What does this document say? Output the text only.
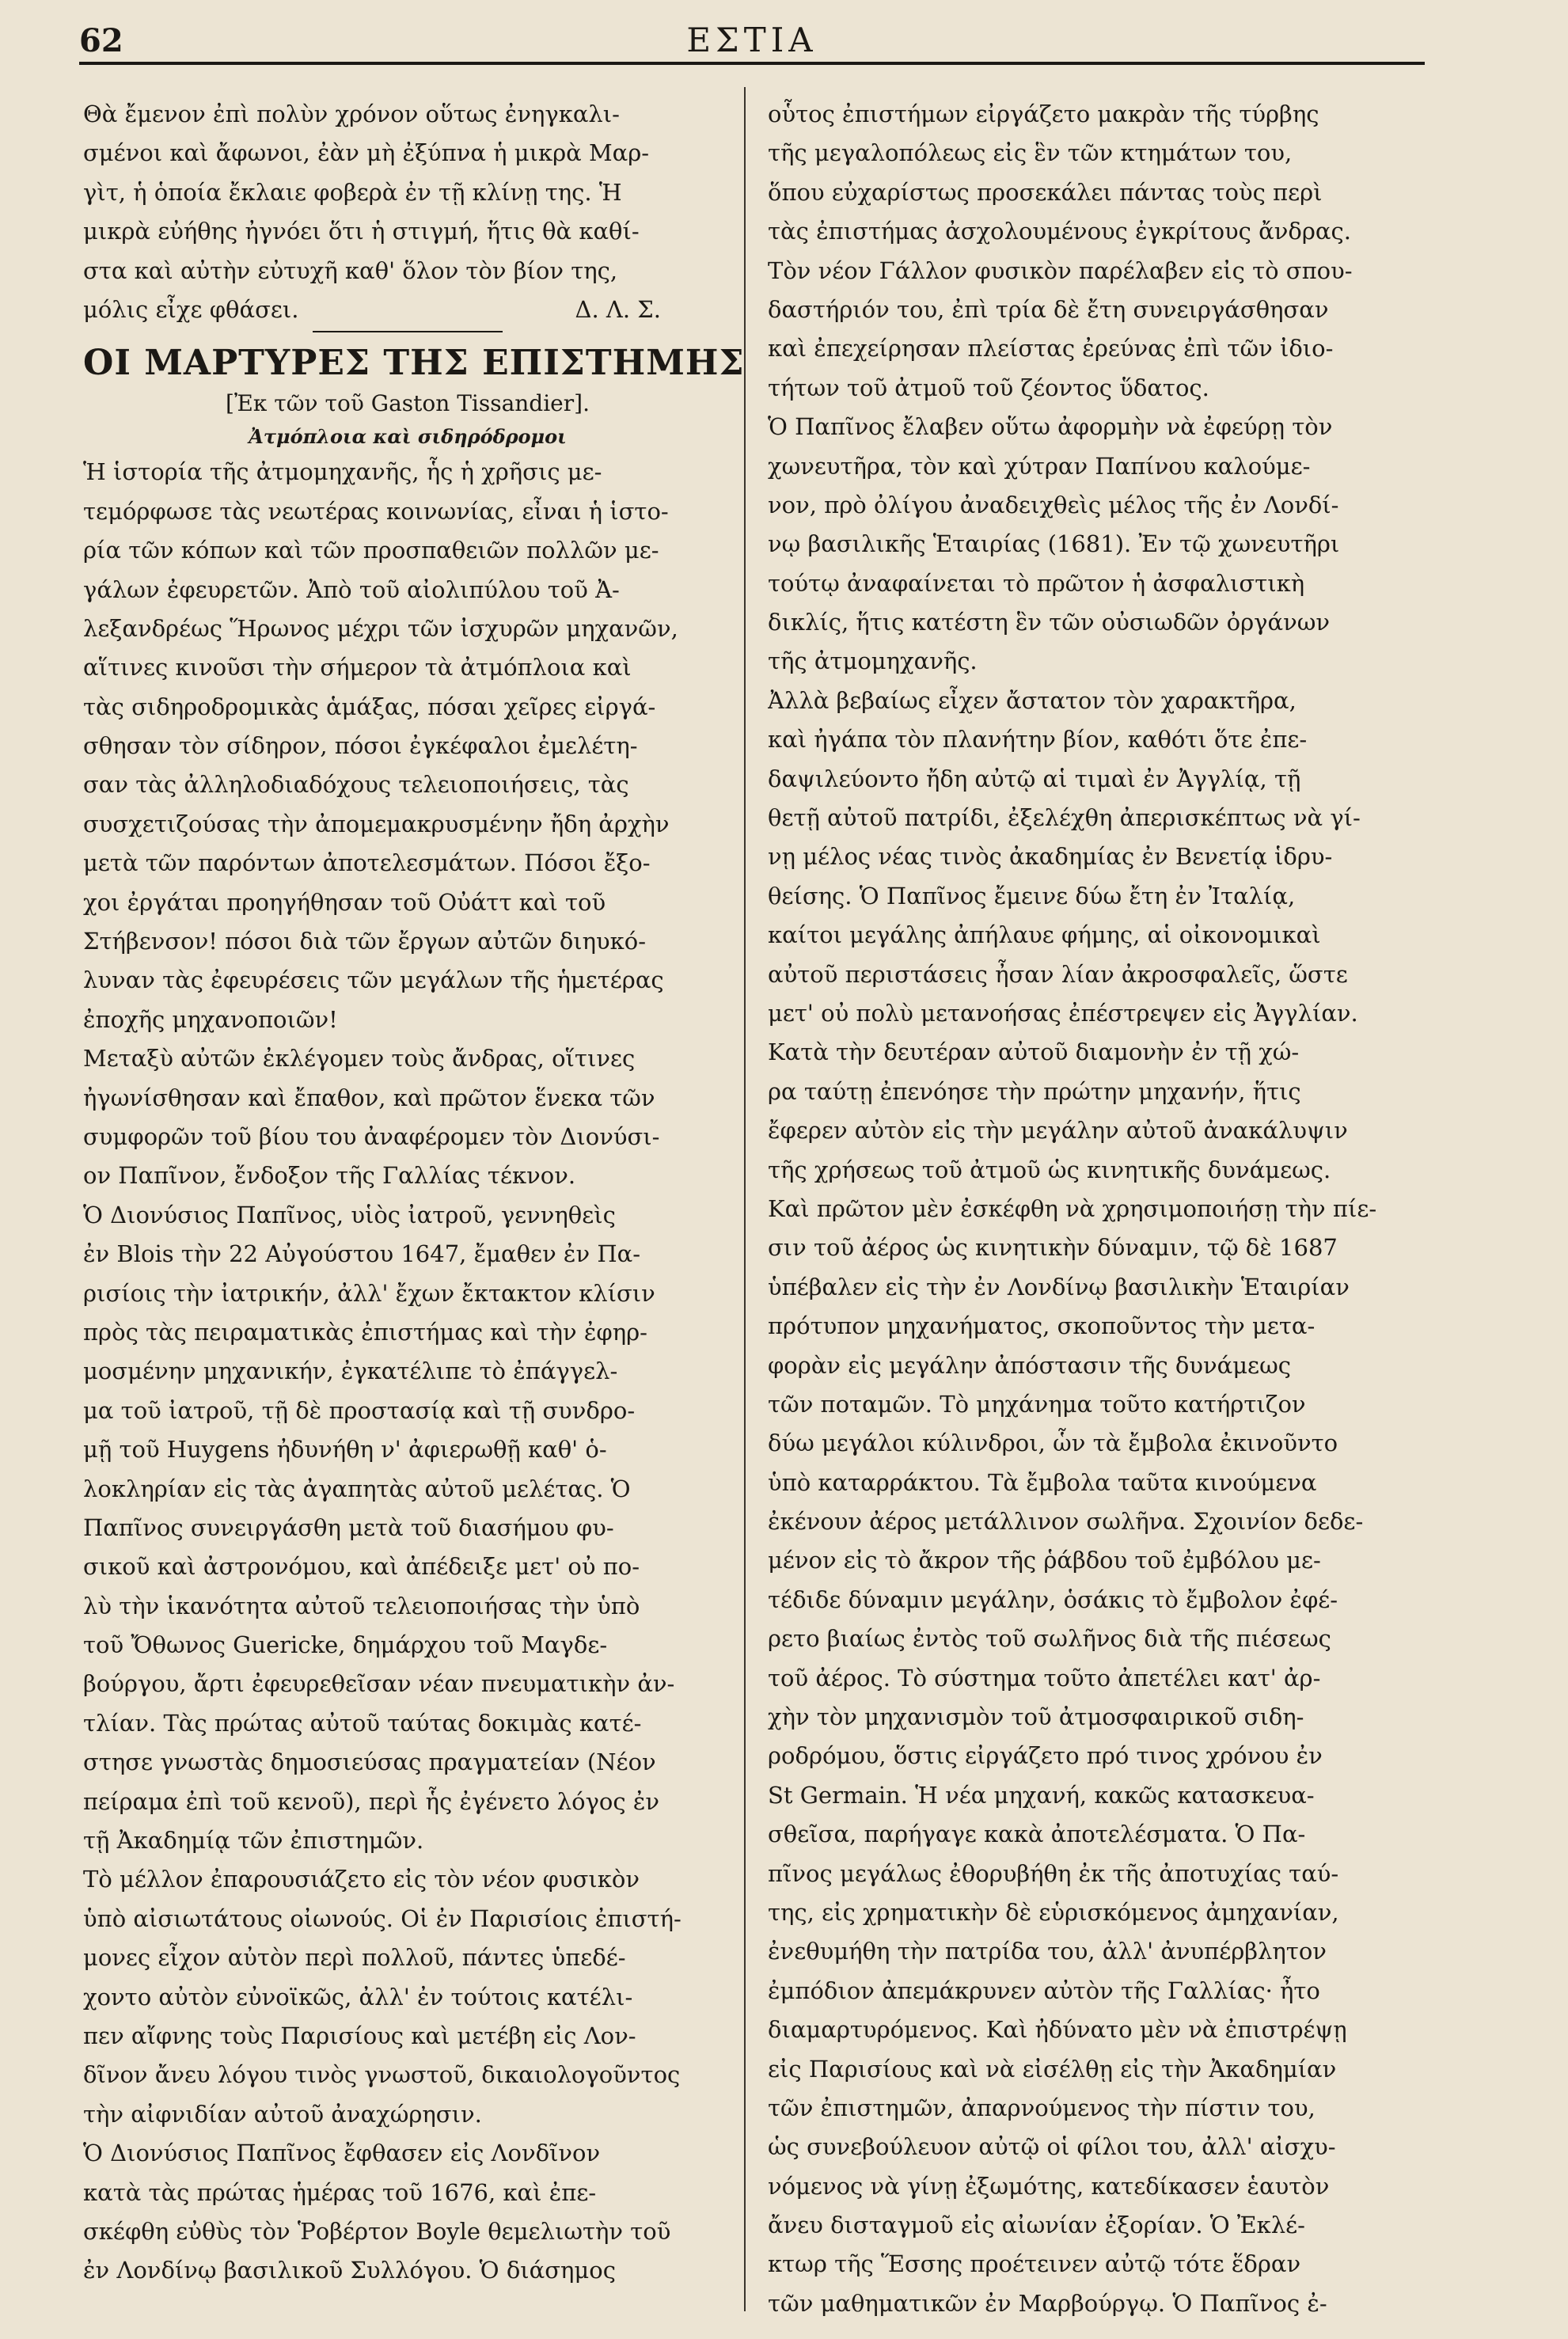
62	ΕΣΤΙΑ
Θὰ ἔμενον ἐπὶ πολὺν χρόνον οὕτως ἐνηγκαλι-
σμένοι καὶ ἄφωνοι, ἐὰν μὴ ἐξύπνα ἡ μικρὰ Μαρ-
γὶτ, ἡ ὁποία ἔκλαιε φοβερὰ ἐν τῇ κλίνῃ της. Ἡ
μικρὰ εὐήθης ἠγνόει ὅτι ἡ στιγμή, ἥτις θὰ καθί-
στα καὶ αὐτὴν εὐτυχῆ καθ' ὅλον τὸν βίον της,
μόλις εἶχε φθάσει.	Δ. Λ. Σ.
ΟΙ ΜΑΡΤΥΡΕΣ ΤΗΣ ΕΠΙΣΤΗΜΗΣ
[Ἐκ τῶν τοῦ Gaston Tissandier].
Ἀτμόπλοια καὶ σιδηρόδρομοι
Ἡ ἱστορία τῆς ἀτμομηχανῆς, ἧς ἡ χρῆσις με-
τεμόρφωσε τὰς νεωτέρας κοινωνίας, εἶναι ἡ ἱστο-
ρία τῶν κόπων καὶ τῶν προσπαθειῶν πολλῶν με-
γάλων ἐφευρετῶν. Ἀπὸ τοῦ αἰολιπύλου τοῦ Ἀ-
λεξανδρέως Ἥρωνος μέχρι τῶν ἰσχυρῶν μηχανῶν,
αἵτινες κινοῦσι τὴν σήμερον τὰ ἀτμόπλοια καὶ
τὰς σιδηροδρομικὰς ἁμάξας, πόσαι χεῖρες εἰργά-
σθησαν τὸν σίδηρον, πόσοι ἐγκέφαλοι ἐμελέτη-
σαν τὰς ἀλληλοδιαδόχους τελειοποιήσεις, τὰς
συσχετιζούσας τὴν ἀπομεμακρυσμένην ἤδη ἀρχὴν
μετὰ τῶν παρόντων ἀποτελεσμάτων. Πόσοι ἔξο-
χοι ἐργάται προηγήθησαν τοῦ Οὐάττ καὶ τοῦ
Στήβενσον! πόσοι διὰ τῶν ἔργων αὐτῶν διηυκό-
λυναν τὰς ἐφευρέσεις τῶν μεγάλων τῆς ἡμετέρας
ἐποχῆς μηχανοποιῶν!
Μεταξὺ αὐτῶν ἐκλέγομεν τοὺς ἄνδρας, οἵτινες
ἠγωνίσθησαν καὶ ἔπαθον, καὶ πρῶτον ἕνεκα τῶν
συμφορῶν τοῦ βίου του ἀναφέρομεν τὸν Διονύσι-
ον Παπῖνον, ἔνδοξον τῆς Γαλλίας τέκνον.
Ὁ Διονύσιος Παπῖνος, υἱὸς ἰατροῦ, γεννηθεὶς
ἐν Blois τὴν 22 Αὐγούστου 1647, ἔμαθεν ἐν Πα-
ρισίοις τὴν ἰατρικήν, ἀλλ' ἔχων ἔκτακτον κλίσιν
πρὸς τὰς πειραματικὰς ἐπιστήμας καὶ τὴν ἐφηρ-
μοσμένην μηχανικήν, ἐγκατέλιπε τὸ ἐπάγγελ-
μα τοῦ ἰατροῦ, τῇ δὲ προστασίᾳ καὶ τῇ συνδρο-
μῇ τοῦ Huygens ἠδυνήθη ν' ἀφιερωθῇ καθ' ὁ-
λοκληρίαν εἰς τὰς ἀγαπητὰς αὐτοῦ μελέτας. Ὁ
Παπῖνος συνειργάσθη μετὰ τοῦ διασήμου φυ-
σικοῦ καὶ ἀστρονόμου, καὶ ἀπέδειξε μετ' οὐ πο-
λὺ τὴν ἱκανότητα αὐτοῦ τελειοποιήσας τὴν ὑπὸ
τοῦ Ὄθωνος Guericke, δημάρχου τοῦ Μαγδε-
βούργου, ἄρτι ἐφευρεθεῖσαν νέαν πνευματικὴν ἀν-
τλίαν. Τὰς πρώτας αὐτοῦ ταύτας δοκιμὰς κατέ-
στησε γνωστὰς δημοσιεύσας πραγματείαν (Νέον
πείραμα ἐπὶ τοῦ κενοῦ), περὶ ἧς ἐγένετο λόγος ἐν
τῇ Ἀκαδημίᾳ τῶν ἐπιστημῶν.
Τὸ μέλλον ἐπαρουσιάζετο εἰς τὸν νέον φυσικὸν
ὑπὸ αἰσιωτάτους οἰωνούς. Οἱ ἐν Παρισίοις ἐπιστή-
μονες εἶχον αὐτὸν περὶ πολλοῦ, πάντες ὑπεδέ-
χοντο αὐτὸν εὐνοϊκῶς, ἀλλ' ἐν τούτοις κατέλι-
πεν αἴφνης τοὺς Παρισίους καὶ μετέβη εἰς Λον-
δῖνον ἄνευ λόγου τινὸς γνωστοῦ, δικαιολογοῦντος
τὴν αἰφνιδίαν αὐτοῦ ἀναχώρησιν.
Ὁ Διονύσιος Παπῖνος ἔφθασεν εἰς Λονδῖνον
κατὰ τὰς πρώτας ἡμέρας τοῦ 1676, καὶ ἐπε-
σκέφθη εὐθὺς τὸν Ῥοβέρτον Boyle θεμελιωτὴν τοῦ
ἐν Λονδίνῳ βασιλικοῦ Συλλόγου. Ὁ διάσημος
οὗτος ἐπιστήμων εἰργάζετο μακρὰν τῆς τύρβης
τῆς μεγαλοπόλεως εἰς ἓν τῶν κτημάτων του,
ὅπου εὐχαρίστως προσεκάλει πάντας τοὺς περὶ
τὰς ἐπιστήμας ἀσχολουμένους ἐγκρίτους ἄνδρας.
Τὸν νέον Γάλλον φυσικὸν παρέλαβεν εἰς τὸ σπου-
δαστήριόν του, ἐπὶ τρία δὲ ἔτη συνειργάσθησαν
καὶ ἐπεχείρησαν πλείστας ἐρεύνας ἐπὶ τῶν ἰδιο-
τήτων τοῦ ἀτμοῦ τοῦ ζέοντος ὕδατος.
Ὁ Παπῖνος ἔλαβεν οὕτω ἀφορμὴν νὰ ἐφεύρῃ τὸν
χωνευτῆρα, τὸν καὶ χύτραν Παπίνου καλούμε-
νον, πρὸ ὀλίγου ἀναδειχθεὶς μέλος τῆς ἐν Λονδί-
νῳ βασιλικῆς Ἑταιρίας (1681). Ἐν τῷ χωνευτῆρι
τούτῳ ἀναφαίνεται τὸ πρῶτον ἡ ἀσφαλιστικὴ
δικλίς, ἥτις κατέστη ἓν τῶν οὐσιωδῶν ὀργάνων
τῆς ἀτμομηχανῆς.
Ἀλλὰ βεβαίως εἶχεν ἄστατον τὸν χαρακτῆρα,
καὶ ἠγάπα τὸν πλανήτην βίον, καθότι ὅτε ἐπε-
δαψιλεύοντο ἤδη αὐτῷ αἱ τιμαὶ ἐν Ἀγγλίᾳ, τῇ
θετῇ αὐτοῦ πατρίδι, ἐξελέχθη ἀπερισκέπτως νὰ γί-
νῃ μέλος νέας τινὸς ἀκαδημίας ἐν Βενετίᾳ ἱδρυ-
θείσης. Ὁ Παπῖνος ἔμεινε δύω ἔτη ἐν Ἰταλίᾳ,
καίτοι μεγάλης ἀπήλαυε φήμης, αἱ οἰκονομικαὶ
αὐτοῦ περιστάσεις ἦσαν λίαν ἀκροσφαλεῖς, ὥστε
μετ' οὐ πολὺ μετανοήσας ἐπέστρεψεν εἰς Ἀγγλίαν.
Κατὰ τὴν δευτέραν αὐτοῦ διαμονὴν ἐν τῇ χώ-
ρα ταύτῃ ἐπενόησε τὴν πρώτην μηχανήν, ἥτις
ἔφερεν αὐτὸν εἰς τὴν μεγάλην αὐτοῦ ἀνακάλυψιν
τῆς χρήσεως τοῦ ἀτμοῦ ὡς κινητικῆς δυνάμεως.
Καὶ πρῶτον μὲν ἐσκέφθη νὰ χρησιμοποιήσῃ τὴν πίε-
σιν τοῦ ἀέρος ὡς κινητικὴν δύναμιν, τῷ δὲ 1687
ὑπέβαλεν εἰς τὴν ἐν Λονδίνῳ βασιλικὴν Ἑταιρίαν
πρότυπον μηχανήματος, σκοποῦντος τὴν μετα-
φορὰν εἰς μεγάλην ἀπόστασιν τῆς δυνάμεως
τῶν ποταμῶν. Τὸ μηχάνημα τοῦτο κατήρτιζον
δύω μεγάλοι κύλινδροι, ὧν τὰ ἔμβολα ἐκινοῦντο
ὑπὸ καταρράκτου. Τὰ ἔμβολα ταῦτα κινούμενα
ἐκένουν ἀέρος μετάλλινον σωλῆνα. Σχοινίον δεδε-
μένον εἰς τὸ ἄκρον τῆς ῥάβδου τοῦ ἐμβόλου με-
τέδιδε δύναμιν μεγάλην, ὁσάκις τὸ ἔμβολον ἐφέ-
ρετο βιαίως ἐντὸς τοῦ σωλῆνος διὰ τῆς πιέσεως
τοῦ ἀέρος. Τὸ σύστημα τοῦτο ἀπετέλει κατ' ἀρ-
χὴν τὸν μηχανισμὸν τοῦ ἀτμοσφαιρικοῦ σιδη-
ροδρόμου, ὅστις εἰργάζετο πρό τινος χρόνου ἐν
St Germain. Ἡ νέα μηχανή, κακῶς κατασκευα-
σθεῖσα, παρήγαγε κακὰ ἀποτελέσματα. Ὁ Πα-
πῖνος μεγάλως ἐθορυβήθη ἐκ τῆς ἀποτυχίας ταύ-
της, εἰς χρηματικὴν δὲ εὑρισκόμενος ἀμηχανίαν,
ἐνεθυμήθη τὴν πατρίδα του, ἀλλ' ἀνυπέρβλητον
ἐμπόδιον ἀπεμάκρυνεν αὐτὸν τῆς Γαλλίας· ἦτο
διαμαρτυρόμενος. Καὶ ἠδύνατο μὲν νὰ ἐπιστρέψῃ
εἰς Παρισίους καὶ νὰ εἰσέλθῃ εἰς τὴν Ἀκαδημίαν
τῶν ἐπιστημῶν, ἀπαρνούμενος τὴν πίστιν του,
ὡς συνεβούλευον αὐτῷ οἱ φίλοι του, ἀλλ' αἰσχυ-
νόμενος νὰ γίνῃ ἐξωμότης, κατεδίκασεν ἑαυτὸν
ἄνευ δισταγμοῦ εἰς αἰωνίαν ἐξορίαν. Ὁ Ἐκλέ-
κτωρ τῆς Ἕσσης προέτεινεν αὐτῷ τότε ἕδραν
τῶν μαθηματικῶν ἐν Μαρβούργῳ. Ὁ Παπῖνος ἐ-
